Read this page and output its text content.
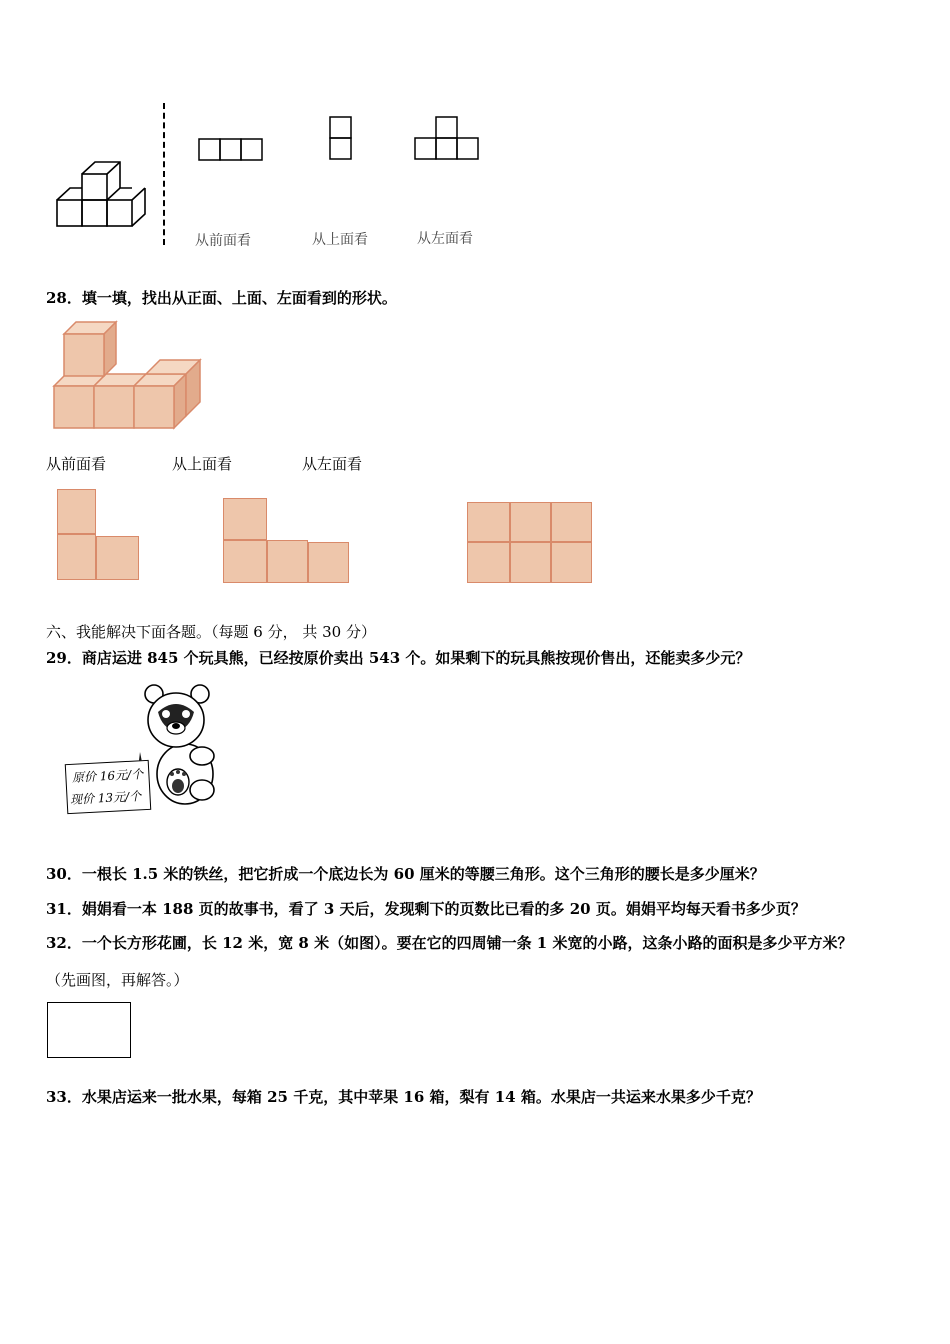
从前面看	从上面看	从左面看
28．填一填，找出从正面、上面、左面看到的形状。
从前面看	从上面看	从左面看
六、我能解决下面各题。（每题 6 分， 共 30 分）
29．商店运进 845 个玩具熊，已经按原价卖出 543 个。如果剩下的玩具熊按现价售出，还能卖多少元？
原价 16元/个
现价 13元/个
30．一根长 1.5 米的铁丝，把它折成一个底边长为 60 厘米的等腰三角形。这个三角形的腰长是多少厘米？
31．娟娟看一本 188 页的故事书，看了 3 天后，发现剩下的页数比已看的多 20 页。娟娟平均每天看书多少页？
32．一个长方形花圃，长 12 米，宽 8 米（如图）。要在它的四周铺一条 1 米宽的小路，这条小路的面积是多少平方米？
（先画图，再解答。）
33．水果店运来一批水果，每箱 25 千克，其中苹果 16 箱，梨有 14 箱。水果店一共运来水果多少千克？
